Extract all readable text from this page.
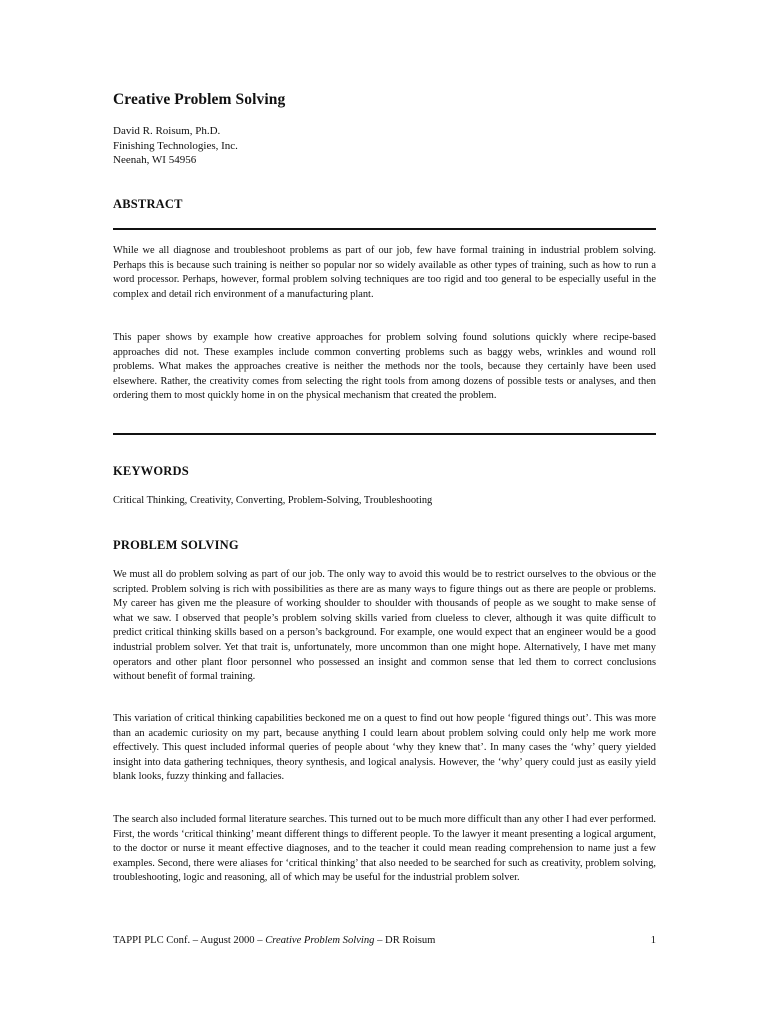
Creative Problem Solving
David R. Roisum, Ph.D.
Finishing Technologies, Inc.
Neenah, WI 54956
ABSTRACT

While we all diagnose and troubleshoot problems as part of our job, few have formal training in industrial problem solving. Perhaps this is because such training is neither so popular nor so widely available as other types of training, such as how to run a word processor. Perhaps, however, formal problem solving techniques are too rigid and too general to be especially useful in the complex and detail rich environment of a manufacturing plant.

This paper shows by example how creative approaches for problem solving found solutions quickly where recipe-based approaches did not. These examples include common converting problems such as baggy webs, wrinkles and wound roll problems. What makes the approaches creative is neither the methods nor the tools, because they certainly have been used elsewhere. Rather, the creativity comes from selecting the right tools from among dozens of possible tests or analyses, and then ordering them to most quickly home in on the physical mechanism that created the problem.

KEYWORDS

Critical Thinking, Creativity, Converting, Problem-Solving, Troubleshooting

PROBLEM SOLVING

We must all do problem solving as part of our job. The only way to avoid this would be to restrict ourselves to the obvious or the scripted. Problem solving is rich with possibilities as there are as many ways to figure things out as there are people or problems. My career has given me the pleasure of working shoulder to shoulder with thousands of people as we sought to make sense of what we saw. I observed that people’s problem solving skills varied from clueless to clever, although it was quite difficult to predict critical thinking skills based on a person’s background. For example, one would expect that an engineer would be a good industrial problem solver. Yet that trait is, unfortunately, more uncommon than one might hope. Alternatively, I have met many operators and other plant floor personnel who possessed an insight and common sense that led them to correct conclusions without benefit of formal training.

This variation of critical thinking capabilities beckoned me on a quest to find out how people ‘figured things out’. This was more than an academic curiosity on my part, because anything I could learn about problem solving could only help me work more effectively. This quest included informal queries of people about ‘why they knew that’. In many cases the ‘why’ query yielded insight into data gathering techniques, theory synthesis, and logical analysis. However, the ‘why’ query could just as easily yield blank looks, fuzzy thinking and fallacies.

The search also included formal literature searches. This turned out to be much more difficult than any other I had ever performed. First, the words ‘critical thinking’ meant different things to different people. To the lawyer it meant presenting a logical argument, to the doctor or nurse it meant effective diagnoses, and to the teacher it could mean reading comprehension to name just a few examples. Second, there were aliases for ‘critical thinking’ that also needed to be searched for such as creativity, problem solving, troubleshooting, logic and reasoning, all of which may be useful for the industrial problem solver.

TAPPI PLC Conf. – August 2000 – Creative Problem Solving – DR Roisum	1
